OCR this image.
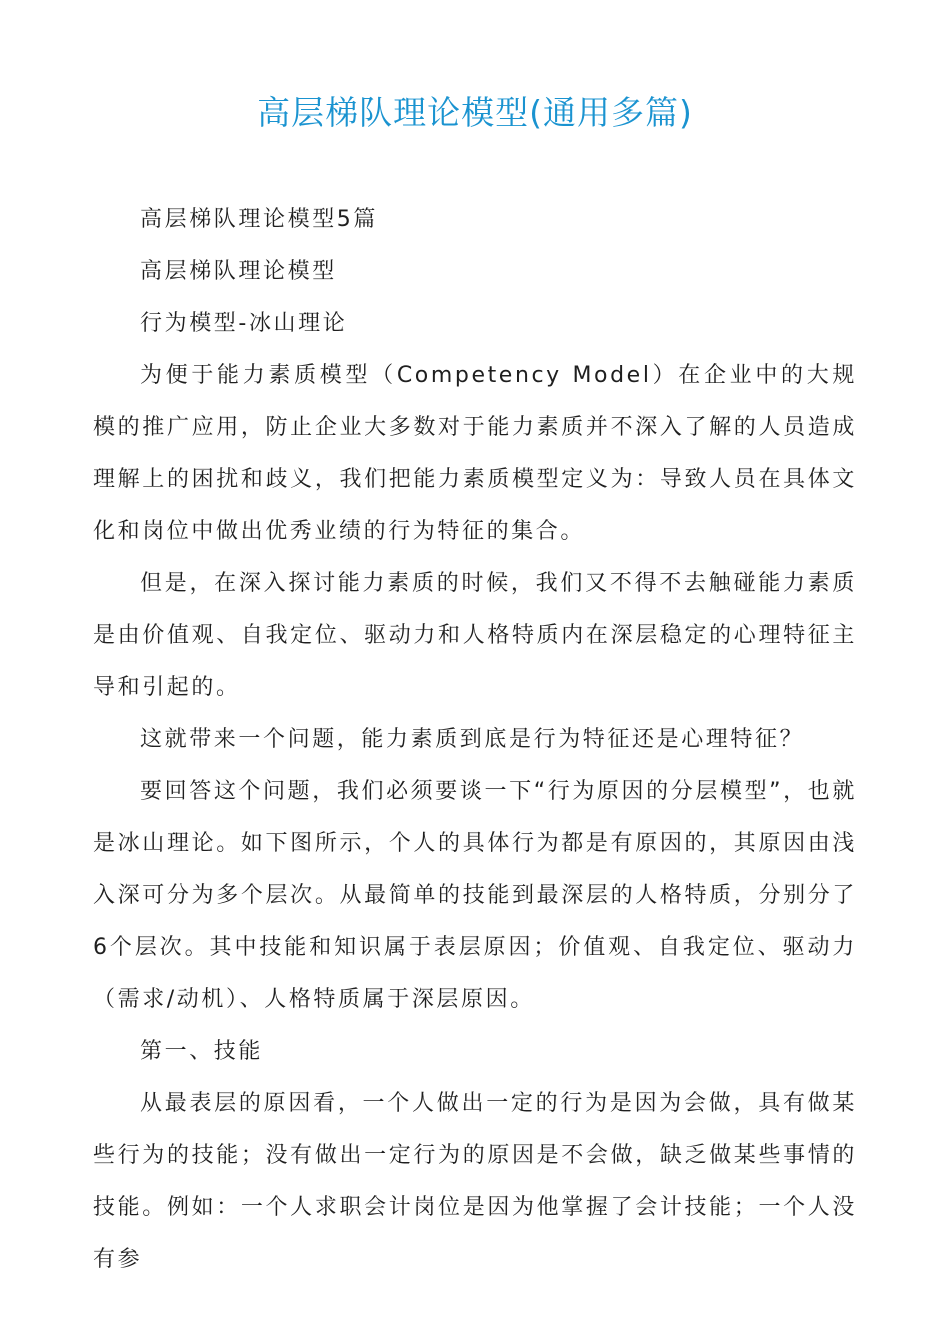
高层梯队理论模型(通用多篇)

高层梯队理论模型5篇

高层梯队理论模型

行为模型-冰山理论

为便于能力素质模型（Competency Model）在企业中的大规模的推广应用，防止企业大多数对于能力素质并不深入了解的人员造成理解上的困扰和歧义，我们把能力素质模型定义为：导致人员在具体文化和岗位中做出优秀业绩的行为特征的集合。

但是，在深入探讨能力素质的时候，我们又不得不去触碰能力素质是由价值观、自我定位、驱动力和人格特质内在深层稳定的心理特征主导和引起的。

这就带来一个问题，能力素质到底是行为特征还是心理特征？

要回答这个问题，我们必须要谈一下“行为原因的分层模型”，也就是冰山理论。如下图所示，个人的具体行为都是有原因的，其原因由浅入深可分为多个层次。从最简单的技能到最深层的人格特质，分别分了6个层次。其中技能和知识属于表层原因；价值观、自我定位、驱动力（需求/动机）、人格特质属于深层原因。

第一、技能

从最表层的原因看，一个人做出一定的行为是因为会做，具有做某些行为的技能；没有做出一定行为的原因是不会做，缺乏做某些事情的技能。例如：一个人求职会计岗位是因为他掌握了会计技能；一个人没有参
